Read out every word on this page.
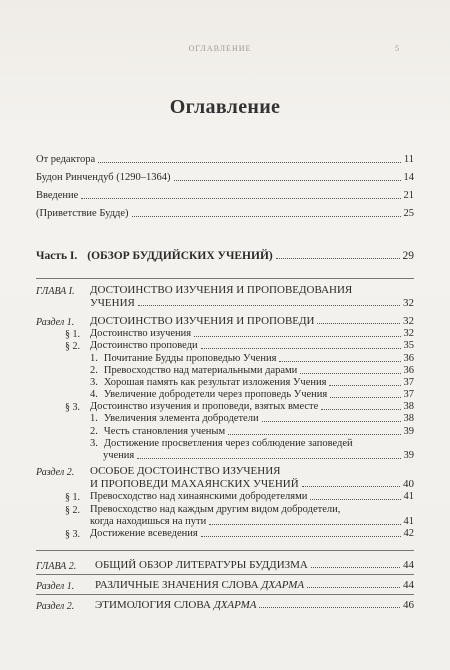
ОГЛАВЛЕНИЕ	5
Оглавление
От редактора	11
Будон Ринчендуб (1290–1364)	14
Введение	21
(Приветствие Будде)	25
Часть I. (ОБЗОР БУДДИЙСКИХ УЧЕНИЙ)	29
ГЛАВА I. ДОСТОИНСТВО ИЗУЧЕНИЯ И ПРОПОВЕДОВАНИЯ
УЧЕНИЯ	32
Раздел 1. ДОСТОИНСТВО ИЗУЧЕНИЯ И ПРОПОВЕДИ	32
§ 1. Достоинство изучения	32
§ 2. Достоинство проповеди	35
1. Почитание Будды проповедью Учения	36
2. Превосходство над материальными дарами	36
3. Хорошая память как результат изложения Учения	37
4. Увеличение добродетели через проповедь Учения	37
§ 3. Достоинство изучения и проповеди, взятых вместе	38
1. Увеличения элемента добродетели	38
2. Честь становления ученым	39
3. Достижение просветления через соблюдение заповедей
учения	39
Раздел 2. ОСОБОЕ ДОСТОИНСТВО ИЗУЧЕНИЯ
И ПРОПОВЕДИ МАХАЯНСКИХ УЧЕНИЙ	40
§ 1. Превосходство над хинаянскими добродетелями	41
§ 2. Превосходство над каждым другим видом добродетели,
когда находишься на пути	41
§ 3. Достижение всеведения	42
ГЛАВА 2. ОБЩИЙ ОБЗОР ЛИТЕРАТУРЫ БУДДИЗМА	44
Раздел 1. РАЗЛИЧНЫЕ ЗНАЧЕНИЯ СЛОВА
ДХАРМА	44
Раздел 2. ЭТИМОЛОГИЯ СЛОВА
ДХАРМА	46
